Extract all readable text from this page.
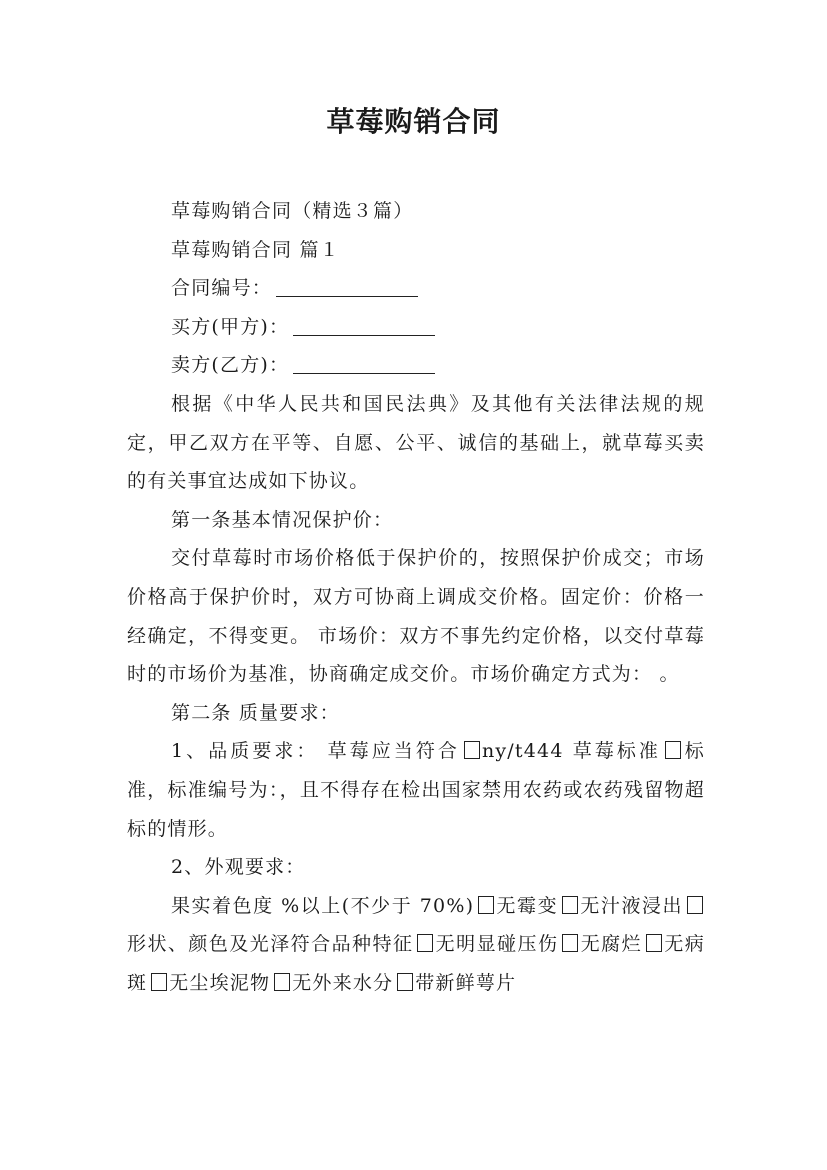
草莓购销合同
草莓购销合同（精选３篇）
草莓购销合同 篇１
合同编号：
买方(甲方)：
卖方(乙方)：
根据《中华人民共和国民法典》及其他有关法律法规的规定，甲乙双方在平等、自愿、公平、诚信的基础上，就草莓买卖的有关事宜达成如下协议。
第一条基本情况保护价：
交付草莓时市场价格低于保护价的，按照保护价成交；市场价格高于保护价时，双方可协商上调成交价格。固定价：价格一经确定，不得变更。 市场价：双方不事先约定价格，以交付草莓时的市场价为基准，协商确定成交价。市场价确定方式为： 。
第二条 质量要求：
1、品质要求： 草莓应当符合 ny/t444 草莓标准 标准，标准编号为：，且不得存在检出国家禁用农药或农药残留物超标的情形。
2、外观要求：
果实着色度 %以上(不少于 70%) 无霉变 无汁液浸出形状、颜色及光泽符合品种特征 无明显碰压伤 无腐烂 无病斑 无尘埃泥物 无外来水分 带新鲜萼片
